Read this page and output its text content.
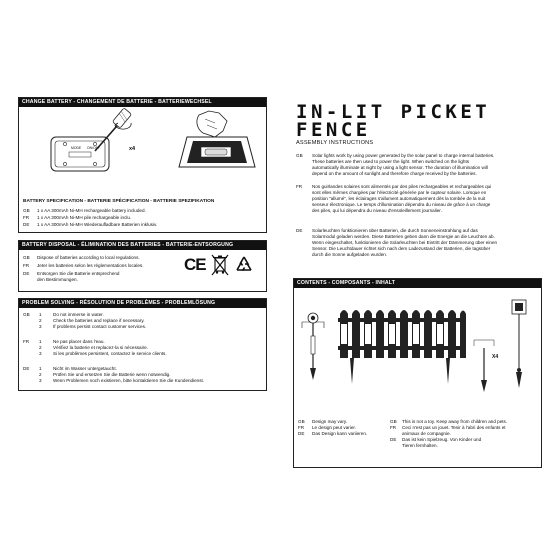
CHANGE BATTERY - CHANGEMENT DE BATTERIE - BATTERIEWECHSEL
MODE ON/OFF	x4
BATTERY SPECIFICATION - BATTERIE SPÉCIFICATION - BATTERIE SPEZIFIKATION
GB	1 x AA 300mAh Ni-MH rechargeable battery included.
FR	1 x AA 300mAh Ni-MH pile rechargeable inclu.
DE	1 x AA 300mAh Ni-MH Wiederaufladbare Batterien inklusiv.
BATTERY DISPOSAL - ÉLIMINATION DES BATTERIES - BATTERIE-ENTSORGUNG
GB	Dispose of batteries according to local regulations.
FR	Jeter les batteries selon les réglementations locales.
DE	Entsorgen Sie die Batterie entsprechend
den Bestimmungen.
CE
PROBLEM SOLVING - RÉSOLUTION DE PROBLÈMES - PROBLEMLÖSUNG
GB	1 Do not immerse in water.
2 Check the batteries and replace if necessary.
3 If problems persist contact customer services.
FR	1 Ne pas placer dans l'eau.
2 Vérifiez la batterie et replacez-la si nécessaire.
3 Si les problèmes persistent, contactez le service clients.
DE	1 Nicht im Wasser untergetaucht.
2 Prüfen Sie und ersetzen Sie die Batterie wenn notwendig.
3 Wenn Problemen noch existieren, bitte kontaktieren Sie die Kundendienst.
IN-LIT PICKET
FENCE
ASSEMBLY INSTRUCTIONS
GB	Solar lights work by using power generated by the solar panel to charge internal batteries.
These batteries are then used to power the light. When switched on the lights
automatically illuminate at night by using a light sensor. The duration of illumination will
depend on the amount of sunlight and therefore charge received by the batteries.
FR	Nos guirlandes solaires sont alimentés par des piles rechargeables et rechargeables qui
sont elles mêmes chargées par l'électricité générée par le capteur solaire. Lorsque en
position "allumé", les éclairages s'allument automatiquement dès la tombée de la nuit
senseur électronique. Le temps d'illumination dépendra du niveau de grâce à un charge
des piles, qui lui dépendra du niveau d'ensoleillement journalier.
DE	Solarleuchten funktionieren über Batterien, die durch Sonneneinstrahlung auf das
Solarmodul geladen werden. Diese Batterien geben dann die Energie an die Leuchten ab.
Wenn eingeschaltet, funktionieren die Solarleuchten bei Eintritt der Dämmerung über einen
Sensor. Die Leuchtdauer richtet sich nach dem Ladezustand der Batterien, die tagsüber
durch die Sonne aufgeladen wurden.
CONTENTS - COMPOSANTS - INHALT
X4
GB Design may vary.
FR Le design peut varier.
DE Das Design kann variieren.
GB This is not a toy. Keep away from children and pets.
FR Ceci n'est pas un jouet. Tenir à l'abri des enfants et
animaux de compagnie.
DE Das ist kein Spielzeug. Von Kinder und
Tieren fernhalten.
